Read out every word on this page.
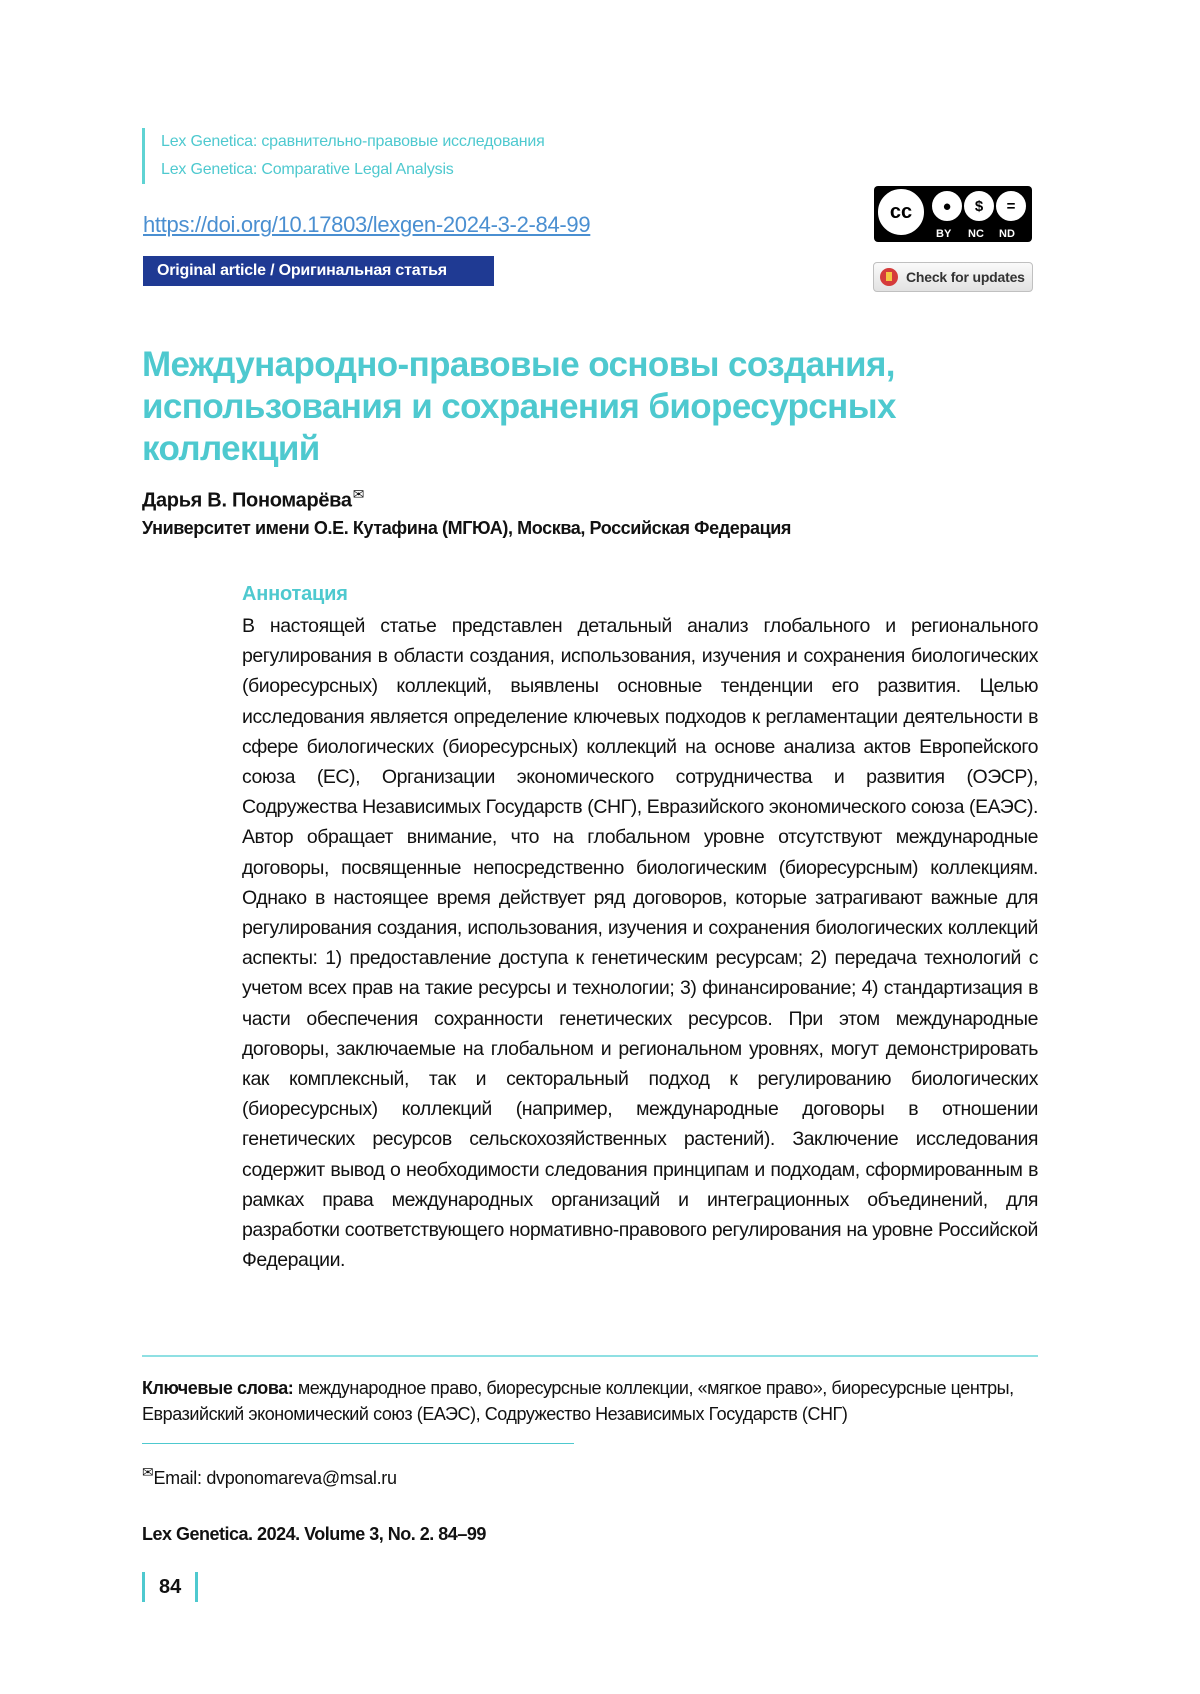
Lex Genetica: сравнительно-правовые исследования
Lex Genetica: Comparative Legal Analysis
https://doi.org/10.17803/lexgen-2024-3-2-84-99
Original article / Оригинальная статья
cc	●	$	=
BY NC ND
Check for updates
Международно-правовые основы создания, использования и сохранения биоресурсных коллекций
Дарья В. Пономарёва✉
Университет имени О.Е. Кутафина (МГЮА), Москва, Российская Федерация
Аннотация
В настоящей статье представлен детальный анализ глобального и регионального регулирования в области создания, использования, изучения и сохранения биологических (биоресурсных) коллекций, выявлены основные тенденции его развития. Целью исследования является определение ключевых подходов к регламентации деятельности в сфере биологических (биоресурсных) коллекций на основе анализа актов Европейского союза (ЕС), Организации экономического сотрудничества и развития (ОЭСР), Содружества Независимых Государств (СНГ), Евразийского экономического союза (ЕАЭС). Автор обращает внимание, что на глобальном уровне отсутствуют международные договоры, посвященные непосредственно биологическим (биоресурсным) коллекциям. Однако в настоящее время действует ряд договоров, которые затрагивают важные для регулирования создания, использования, изучения и сохранения биологических коллекций аспекты: 1) предоставление доступа к генетическим ресурсам; 2) передача технологий с учетом всех прав на такие ресурсы и технологии; 3) финансирование; 4) стандартизация в части обеспечения сохранности генетических ресурсов. При этом международные договоры, заключаемые на глобальном и региональном уровнях, могут демонстрировать как комплексный, так и секторальный подход к регулированию биологических (биоресурсных) коллекций (например, международные договоры в отношении генетических ресурсов сельскохозяйственных растений). Заключение исследования содержит вывод о необходимости следования принципам и подходам, сформированным в рамках права международных организаций и интеграционных объединений, для разработки соответствующего нормативно-правового регулирования на уровне Российской Федерации.
Ключевые слова: международное право, биоресурсные коллекции, «мягкое право», биоресурсные центры, Евразийский экономический союз (ЕАЭС), Содружество Независимых Государств (СНГ)
✉Email: dvponomareva@msal.ru
Lex Genetica. 2024. Volume 3, No. 2. 84–99
84
